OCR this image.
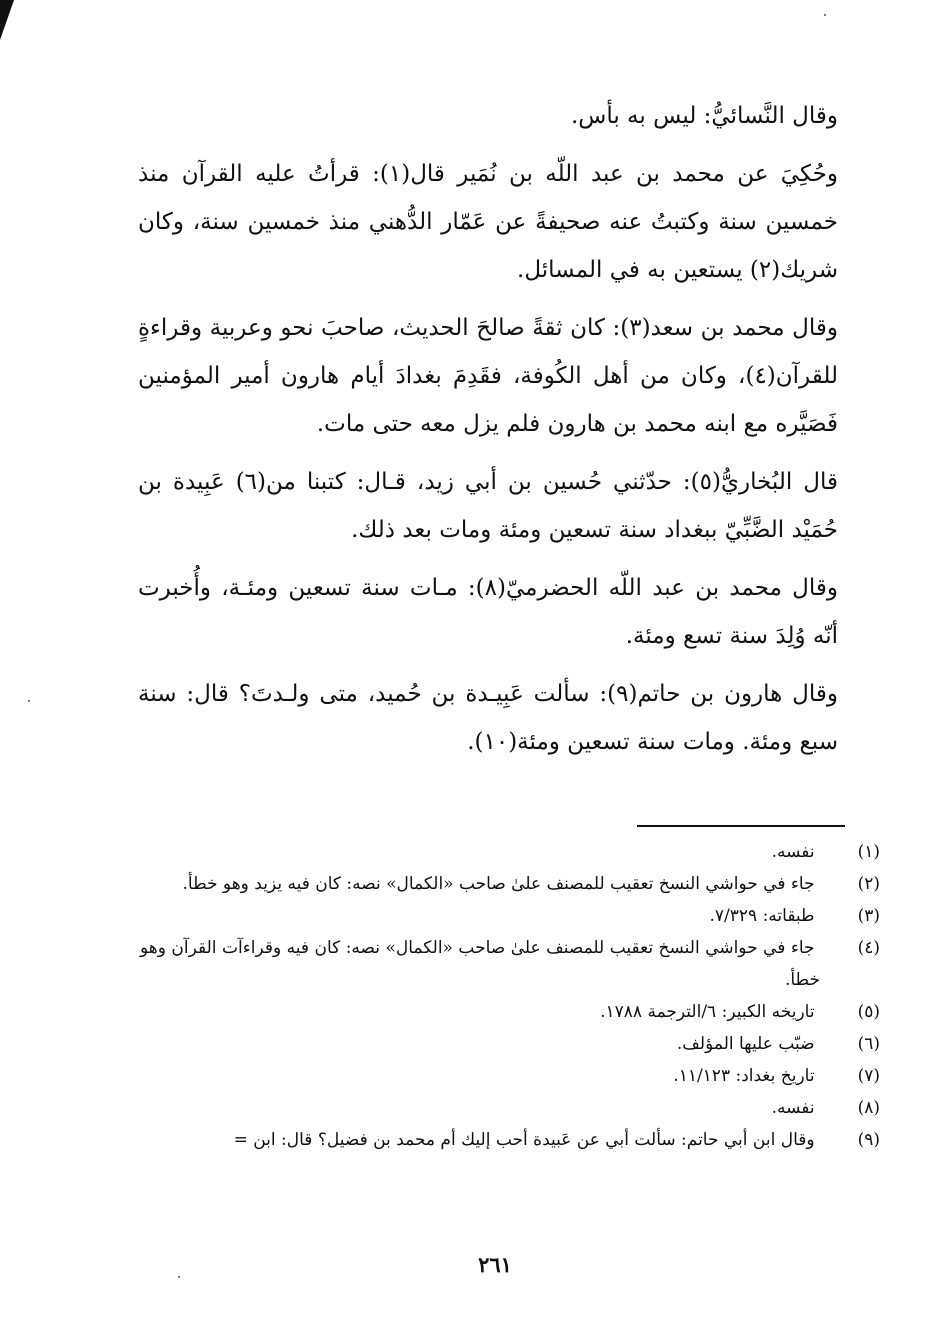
وقال النَّسائيُّ: ليس به بأس.

وحُكِيَ عن محمد بن عبد اللّه بن نُمَير قال(١): قرأتُ عليه القرآن منذ خمسين سنة وكتبتُ عنه صحيفةً عن عَمّار الدُّهني منذ خمسين سنة، وكان شريك(٢) يستعين به في المسائل.

وقال محمد بن سعد(٣): كان ثقةً صالحَ الحديث، صاحبَ نحو وعربية وقراءةٍ للقرآن(٤)، وكان من أهل الكُوفة، فقَدِمَ بغدادَ أيام هارون أمير المؤمنين فَصَيَّره مع ابنه محمد بن هارون فلم يزل معه حتى مات.

قال البُخاريُّ(٥): حدّثني حُسين بن أبي زيد، قـال: كتبنا من(٦) عَبِيدة بن حُمَيْد الضَّبِّيّ ببغداد سنة تسعين ومئة ومات بعد ذلك.

وقال محمد بن عبد اللّه الحضرميّ(٨): مـات سنة تسعين ومئـة، وأُخبرت أنّه وُلِدَ سنة تسع ومئة.

وقال هارون بن حاتم(٩): سألت عَبِيـدة بن حُميد، متى ولـدتَ؟ قال: سنة سبع ومئة. ومات سنة تسعين ومئة(١٠).

(١) نفسه.

(٢) جاء في حواشي النسخ تعقيب للمصنف علىٰ صاحب «الكمال» نصه: كان فيه يزيد وهو خطأ.

(٣) طبقاته: ٧/٣٢٩.

(٤) جاء في حواشي النسخ تعقيب للمصنف علىٰ صاحب «الكمال» نصه: كان فيه وقراءآت القرآن وهو خطأ.

(٥) تاريخه الكبير: ٦/الترجمة ١٧٨٨.

(٦) ضبّب عليها المؤلف.

(٧) تاريخ بغداد: ١١/١٢٣.

(٨) نفسه.

(٩) وقال ابن أبي حاتم: سألت أبي عن عَبيدة أحب إليك أم محمد بن فضيل؟ قال: ابن =

٢٦١
